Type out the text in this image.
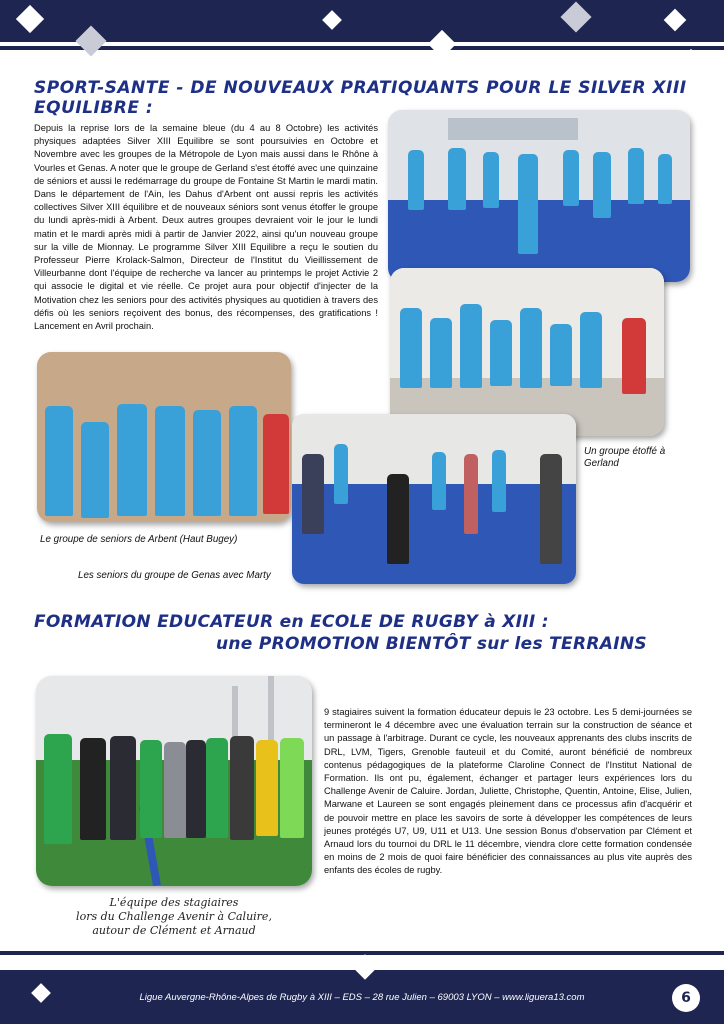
SPORT-SANTE - DE NOUVEAUX PRATIQUANTS POUR LE SILVER XIII EQUILIBRE :

Depuis la reprise lors de la semaine bleue (du 4 au 8 Octobre) les activités physiques adaptées Silver XIII Equilibre se sont poursuivies en Octobre et Novembre avec les groupes de la Métropole de Lyon mais aussi dans le Rhône à Vourles et Genas. A noter que le groupe de Gerland s'est étoffé avec une quinzaine de séniors et aussi le redémarrage du groupe de Fontaine St Martin le mardi matin. Dans le département de l'Ain, les Dahus d'Arbent ont aussi repris les activités collectives Silver XIII équilibre et de nouveaux séniors sont venus étoffer le groupe du lundi après-midi à Arbent. Deux autres groupes devraient voir le jour le lundi matin et le mardi après midi à partir de Janvier 2022, ainsi qu'un nouveau groupe sur la ville de Mionnay. Le programme Silver XIII Equilibre a reçu le soutien du Professeur Pierre Krolack-Salmon, Directeur de l'Institut du Vieillissement de Villeurbanne dont l'équipe de recherche va lancer au printemps le projet Activie 2 qui associe le digital et vie réelle. Ce projet aura pour objectif d'injecter de la Motivation chez les seniors pour des activités physiques au quotidien à travers des défis où les seniors reçoivent des bonus, des récompenses, des gratifications ! Lancement en Avril prochain.

Un groupe étoffé à Gerland
Le groupe de seniors de Arbent (Haut Bugey)
Les seniors du groupe de Genas avec Marty
FORMATION EDUCATEUR en ECOLE DE RUGBY à XIII :
une PROMOTION BIENTÔT sur les TERRAINS
L'équipe des stagiaires
lors du Challenge Avenir à Caluire,
autour de Clément et Arnaud

9 stagiaires suivent la formation éducateur depuis le 23 octobre. Les 5 demi-journées se termineront le 4 décembre avec une évaluation terrain sur la construction de séance et un passage à l'arbitrage. Durant ce cycle, les nouveaux apprenants des clubs inscrits de DRL, LVM, Tigers, Grenoble fauteuil et du Comité, auront bénéficié de nombreux contenus pédagogiques de la plateforme Claroline Connect de l'Institut National de Formation. Ils ont pu, également, échanger et partager leurs expériences lors du Challenge Avenir de Caluire. Jordan, Juliette, Christophe, Quentin, Antoine, Elise, Julien, Marwane et Laureen se sont engagés pleinement dans ce processus afin d'acquérir et de pouvoir mettre en place les savoirs de sorte à développer les compétences de leurs jeunes protégés U7, U9, U11 et U13. Une session Bonus d'observation par Clément et Arnaud lors du tournoi du DRL le 11 décembre, viendra clore cette formation condensée en moins de 2 mois de quoi faire bénéficier des connaissances au plus vite auprès des enfants des écoles de rugby.

Ligue Auvergne-Rhône-Alpes de Rugby à XIII – EDS – 28 rue Julien – 69003 LYON – www.liguera13.com	6
